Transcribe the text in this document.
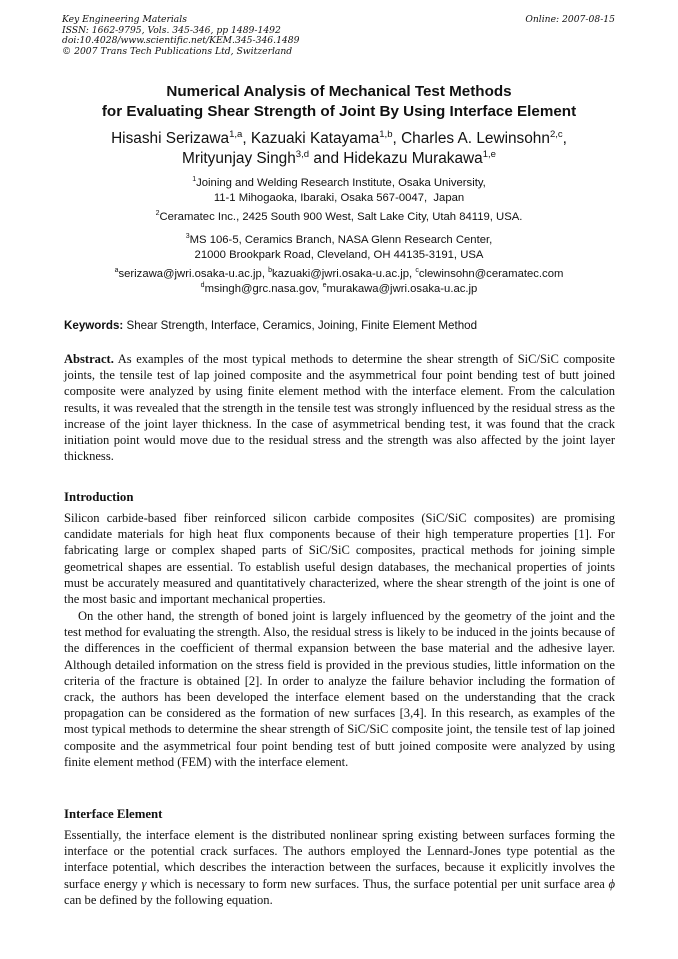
Key Engineering Materials
ISSN: 1662-9795, Vols. 345-346, pp 1489-1492
doi:10.4028/www.scientific.net/KEM.345-346.1489
© 2007 Trans Tech Publications Ltd, Switzerland
Online: 2007-08-15
Numerical Analysis of Mechanical Test Methods
for Evaluating Shear Strength of Joint By Using Interface Element
Hisashi Serizawa$^{1,a}$, Kazuaki Katayama$^{1,b}$, Charles A. Lewinsohn$^{2,c}$,
Mrityunjay Singh$^{3,d}$ and Hidekazu Murakawa$^{1,e}$
$^1$Joining and Welding Research Institute, Osaka University,
11-1 Mihogaoka, Ibaraki, Osaka 567-0047,  Japan
$^2$Ceramatec Inc., 2425 South 900 West, Salt Lake City, Utah 84119, USA.
$^3$MS 106-5, Ceramics Branch, NASA Glenn Research Center,
21000 Brookpark Road, Cleveland, OH 44135-3191, USA
$^a$serizawa@jwri.osaka-u.ac.jp, $^b$kazuaki@jwri.osaka-u.ac.jp, $^c$clewinsohn@ceramatec.com
$^d$msingh@grc.nasa.gov, $^e$murakawa@jwri.osaka-u.ac.jp
Keywords: Shear Strength, Interface, Ceramics, Joining, Finite Element Method
Abstract. As examples of the most typical methods to determine the shear strength of SiC/SiC composite joints, the tensile test of lap joined composite and the asymmetrical four point bending test of butt joined composite were analyzed by using finite element method with the interface element. From the calculation results, it was revealed that the strength in the tensile test was strongly influenced by the residual stress as the increase of the joint layer thickness. In the case of asymmetrical bending test, it was found that the crack initiation point would move due to the residual stress and the strength was also affected by the joint layer thickness.
Introduction
Silicon carbide-based fiber reinforced silicon carbide composites (SiC/SiC composites) are promising candidate materials for high heat flux components because of their high temperature properties [1]. For fabricating large or complex shaped parts of SiC/SiC composites, practical methods for joining simple geometrical shapes are essential. To establish useful design databases, the mechanical properties of joints must be accurately measured and quantitatively characterized, where the shear strength of the joint is one of the most basic and important mechanical properties.
On the other hand, the strength of boned joint is largely influenced by the geometry of the joint and the test method for evaluating the strength. Also, the residual stress is likely to be induced in the joints because of the differences in the coefficient of thermal expansion between the base material and the adhesive layer. Although detailed information on the stress field is provided in the previous studies, little information on the criteria of the fracture is obtained [2]. In order to analyze the failure behavior including the formation of crack, the authors has been developed the interface element based on the understanding that the crack propagation can be considered as the formation of new surfaces [3,4]. In this research, as examples of the most typical methods to determine the shear strength of SiC/SiC composite joint, the tensile test of lap joined composite and the asymmetrical four point bending test of butt joined composite were analyzed by using finite element method (FEM) with the interface element.
Interface Element
Essentially, the interface element is the distributed nonlinear spring existing between surfaces forming the interface or the potential crack surfaces. The authors employed the Lennard-Jones type potential as the interface potential, which describes the interaction between the surfaces, because it explicitly involves the surface energy γ which is necessary to form new surfaces. Thus, the surface potential per unit surface area ϕ can be defined by the following equation.
